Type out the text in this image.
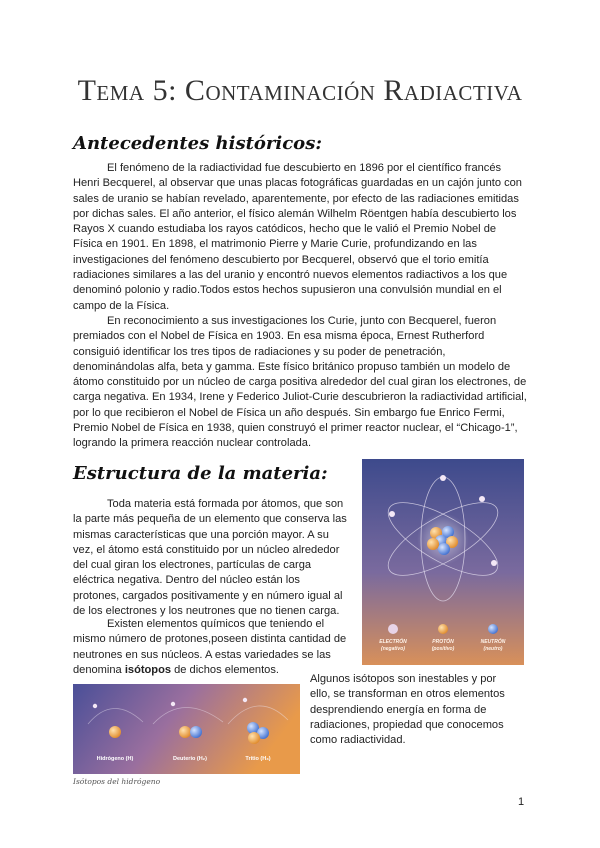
Tema 5: Contaminación Radiactiva
Antecedentes históricos:

El fenómeno de la radiactividad fue descubierto en 1896 por el científico francés Henri Becquerel, al observar que unas placas fotográficas guardadas en un cajón junto con sales de uranio se habían revelado, aparentemente, por efecto de las radiaciones emitidas por dichas sales. El año anterior, el físico alemán Wilhelm Röentgen había descubierto los Rayos X cuando estudiaba los rayos catódicos, hecho que le valió el Premio Nobel de Física en 1901. En 1898, el matrimonio Pierre y Marie Curie, profundizando en las investigaciones del fenómeno descubierto por Becquerel, observó que el torio emitía radiaciones similares a las del uranio y encontró nuevos elementos radiactivos a los que denominó polonio y radio.Todos estos hechos supusieron una convulsión mundial en el campo de la Física.

En reconocimiento a sus investigaciones los Curie, junto con Becquerel, fueron premiados con el Nobel de Física en 1903. En esa misma época, Ernest Rutherford consiguió identificar los tres tipos de radiaciones y su poder de penetración, denominándolas alfa, beta y gamma. Este físico británico propuso también un modelo de átomo constituido por un núcleo de carga positiva alrededor del cual giran los electrones, de carga negativa. En 1934, Irene y Federico Juliot-Curie descubrieron la radiactividad artificial, por lo que recibieron el Nobel de Física un año después. Sin embargo fue Enrico Fermi, Premio Nobel de Física en 1938, quien construyó el primer reactor nuclear, el “Chicago-1”, logrando la primera reacción nuclear controlada.

Estructura de la materia:

Toda materia está formada por átomos, que son la parte más pequeña de un elemento que conserva las mismas características que una porción mayor. A su vez, el átomo está constituido por un núcleo alrededor del cual giran los electrones, partículas de carga eléctrica negativa. Dentro del núcleo están los protones, cargados positivamente y en número igual al de los electrones y los neutrones que no tienen carga.

Existen elementos químicos que teniendo el mismo número de protones,poseen distinta cantidad de neutrones en sus núcleos. A estas variedades se las denomina isótopos de dichos elementos.

Algunos isótopos son inestables y por ello, se transforman en otros elementos desprendiendo energía en forma de radiaciones, propiedad que conocemos como radiactividad.

ELECTRÓN	PROTÓN	NEUTRÓN
(negativo)	(positivo)	(neutro)
Hidrógeno (H)	Deuterio (H₂)	Tritio (H₃)
Isótopos del hidrógeno
1
